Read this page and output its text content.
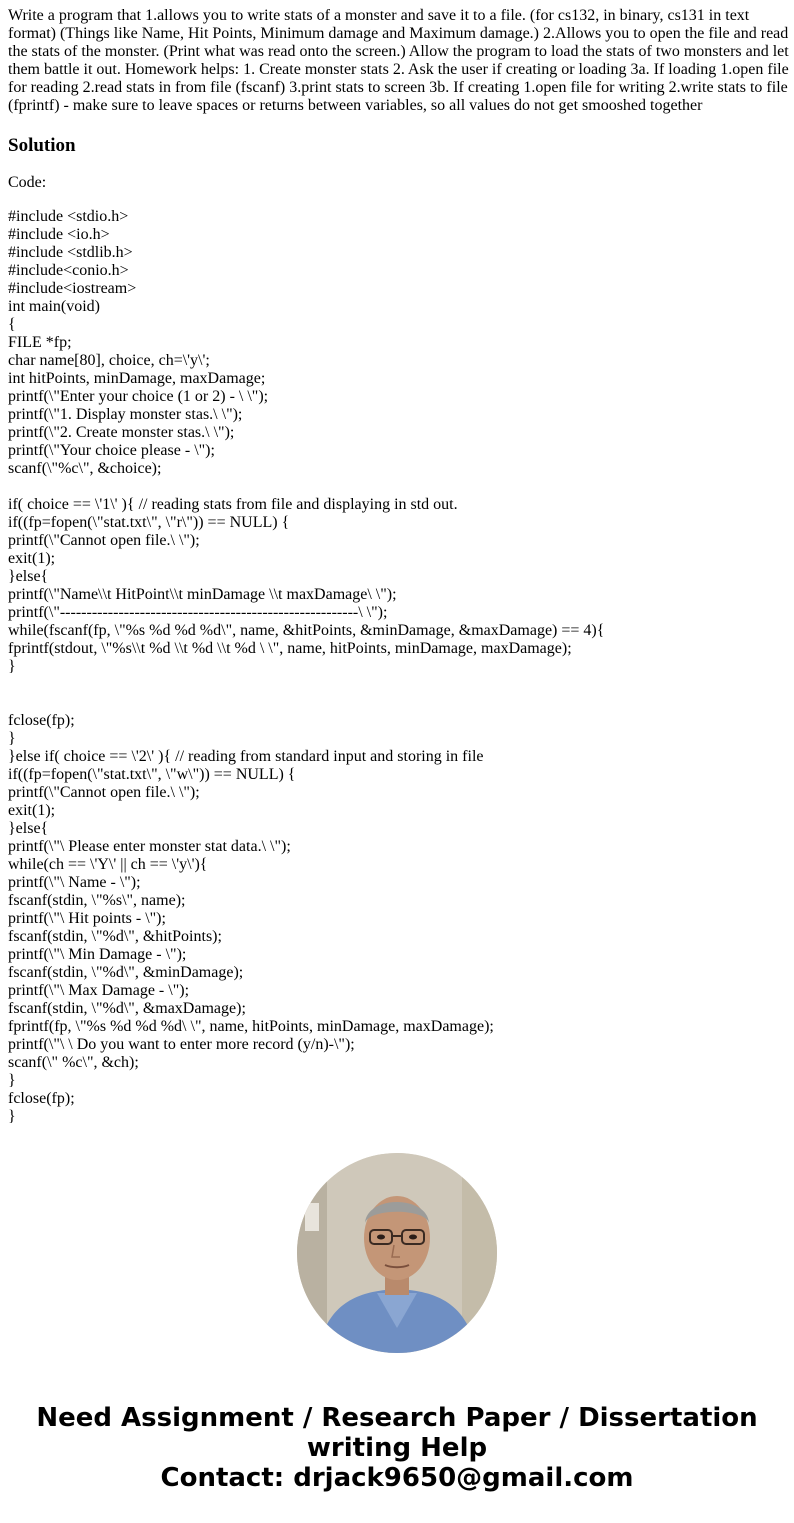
Write a program that 1.allows you to write stats of a monster and save it to a file. (for cs132, in binary, cs131 in text format) (Things like Name, Hit Points, Minimum damage and Maximum damage.) 2.Allows you to open the file and read the stats of the monster. (Print what was read onto the screen.) Allow the program to load the stats of two monsters and let them battle it out. Homework helps: 1. Create monster stats 2. Ask the user if creating or loading 3a. If loading 1.open file for reading 2.read stats in from file (fscanf) 3.print stats to screen 3b. If creating 1.open file for writing 2.write stats to file (fprintf) - make sure to leave spaces or returns between variables, so all values do not get smooshed together

Solution

Code:

#include <stdio.h>
#include <io.h>
#include <stdlib.h>
#include<conio.h>
#include<iostream>
int main(void)
{
FILE *fp;
char name[80], choice, ch=\'y\';
int hitPoints, minDamage, maxDamage;
printf(\"Enter your choice (1 or 2) - \ \");
printf(\"1. Display monster stas.\ \");
printf(\"2. Create monster stas.\ \");
printf(\"Your choice please - \");
scanf(\"%c\", &choice);
if( choice == \'1\' ){ // reading stats from file and displaying in std out.
if((fp=fopen(\"stat.txt\", \"r\")) == NULL) {
printf(\"Cannot open file.\ \");
exit(1);
}else{
printf(\"Name\\t HitPoint\\t minDamage \\t maxDamage\ \");
printf(\"--------------------------------------------------------\ \");
while(fscanf(fp, \"%s %d %d %d\", name, &hitPoints, &minDamage, &maxDamage) == 4){
fprintf(stdout, \"%s\\t %d \\t %d \\t %d \ \", name, hitPoints, minDamage, maxDamage);
}
fclose(fp);
}
}else if( choice == \'2\' ){ // reading from standard input and storing in file
if((fp=fopen(\"stat.txt\", \"w\")) == NULL) {
printf(\"Cannot open file.\ \");
exit(1);
}else{
printf(\"\ Please enter monster stat data.\ \");
while(ch == \'Y\' || ch == \'y\'){
printf(\"\ Name - \");
fscanf(stdin, \"%s\", name);
printf(\"\ Hit points - \");
fscanf(stdin, \"%d\", &hitPoints);
printf(\"\ Min Damage - \");
fscanf(stdin, \"%d\", &minDamage);
printf(\"\ Max Damage - \");
fscanf(stdin, \"%d\", &maxDamage);
fprintf(fp, \"%s %d %d %d\ \", name, hitPoints, minDamage, maxDamage);
printf(\"\ \ Do you want to enter more record (y/n)-\");
scanf(\" %c\", &ch);
}
fclose(fp);
}
Need Assignment / Research Paper / Dissertation
writing Help
Contact: drjack9650@gmail.com
